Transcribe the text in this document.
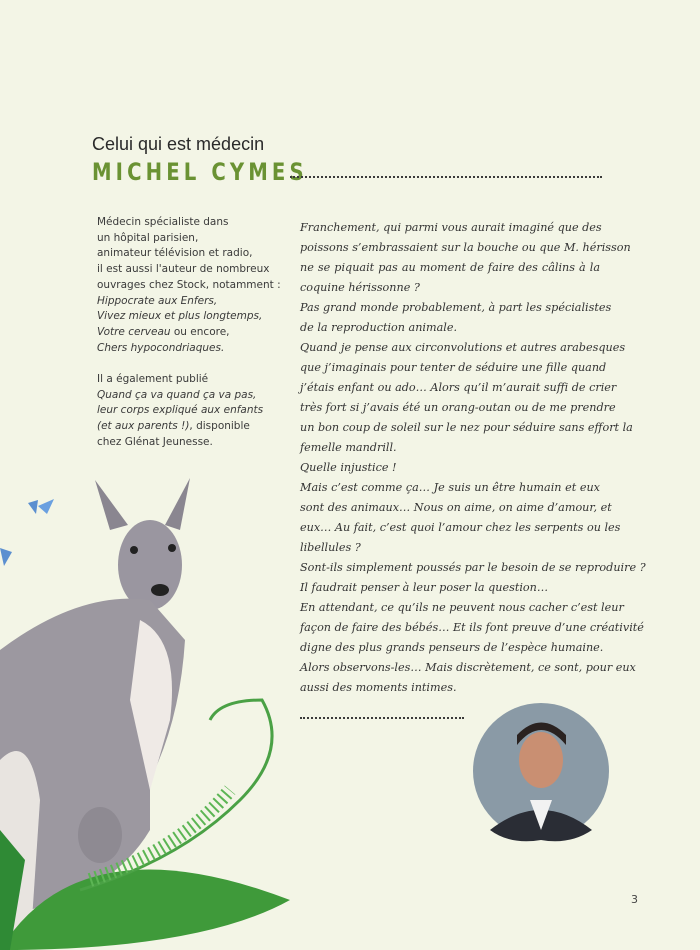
Celui qui est médecin
MICHEL CYMES
Médecin spécialiste dans
un hôpital parisien,
animateur télévision et radio,
il est aussi l'auteur de nombreux
ouvrages chez Stock, notamment :
Hippocrate aux Enfers,
Vivez mieux et plus longtemps,
Votre cerveau ou encore,
Chers hypocondriaques.
Il a également publié
Quand ça va quand ça va pas,
leur corps expliqué aux enfants
(et aux parents !), disponible
chez Glénat Jeunesse.
Franchement, qui parmi vous aurait imaginé que des
poissons s’embrassaient sur la bouche ou que M. hérisson
ne se piquait pas au moment de faire des câlins à la
coquine hérissonne ?
Pas grand monde probablement, à part les spécialistes
de la reproduction animale.
Quand je pense aux circonvolutions et autres arabesques
que j’imaginais pour tenter de séduire une fille quand
j’étais enfant ou ado… Alors qu’il m’aurait suffi de crier
très fort si j’avais été un orang-outan ou de me prendre
un bon coup de soleil sur le nez pour séduire sans effort la
femelle mandrill.
Quelle injustice !
Mais c’est comme ça… Je suis un être humain et eux
sont des animaux… Nous on aime, on aime d’amour, et
eux… Au fait, c’est quoi l’amour chez les serpents ou les
libellules ?
Sont-ils simplement poussés par le besoin de se reproduire ?
Il faudrait penser à leur poser la question…
En attendant, ce qu’ils ne peuvent nous cacher c’est leur
façon de faire des bébés… Et ils font preuve d’une créativité
digne des plus grands penseurs de l’espèce humaine.
Alors observons-les… Mais discrètement, ce sont, pour eux
aussi des moments intimes.
3
